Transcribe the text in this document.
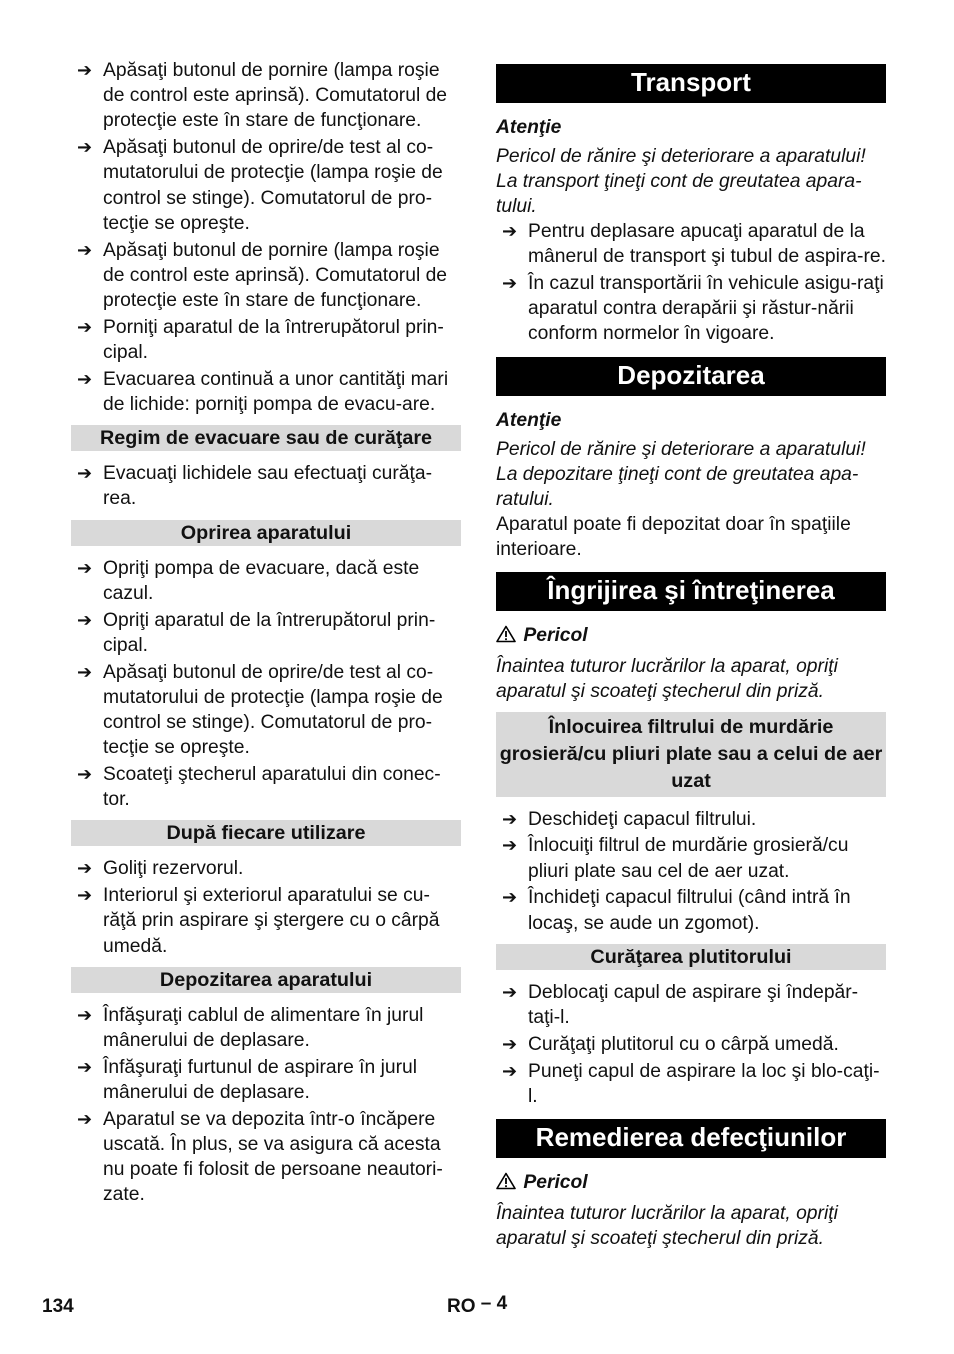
➔ Apăsaţi butonul de pornire (lampa roşie de control este aprinsă). Comutatorul de protecţie este în stare de funcţionare.
➔ Apăsaţi butonul de oprire/de test al co-mutatorului de protecţie (lampa roşie de control se stinge). Comutatorul de pro-tecţie se opreşte.
➔ Apăsaţi butonul de pornire (lampa roşie de control este aprinsă). Comutatorul de protecţie este în stare de funcţionare.
➔ Porniţi aparatul de la întrerupătorul prin-cipal.
➔ Evacuarea continuă a unor cantităţi mari de lichide: porniţi pompa de evacu-are.
Regim de evacuare sau de curăţare
➔ Evacuaţi lichidele sau efectuaţi curăţa-rea.
Oprirea aparatului
➔ Opriţi pompa de evacuare, dacă este cazul.
➔ Opriţi aparatul de la întrerupătorul prin-cipal.
➔ Apăsaţi butonul de oprire/de test al co-mutatorului de protecţie (lampa roşie de control se stinge). Comutatorul de pro-tecţie se opreşte.
➔ Scoateţi ştecherul aparatului din conec-tor.
După fiecare utilizare
➔ Goliţi rezervorul.
➔ Interiorul şi exteriorul aparatului se cu-răţă prin aspirare şi ştergere cu o cârpă umedă.
Depozitarea aparatului
➔ Înfăşuraţi cablul de alimentare în jurul mânerului de deplasare.
➔ Înfăşuraţi furtunul de aspirare în jurul mânerului de deplasare.
➔ Aparatul se va depozita într-o încăpere uscată. În plus, se va asigura că acesta nu poate fi folosit de persoane neautori-zate.
Transport
Atenţie
Pericol de rănire şi deteriorare a aparatului! La transport ţineţi cont de greutatea apara-tului.
➔ Pentru deplasare apucaţi aparatul de la mânerul de transport şi tubul de aspira-re.
➔ În cazul transportării în vehicule asigu-raţi aparatul contra derapării şi răstur-nării conform normelor în vigoare.
Depozitarea
Atenţie
Pericol de rănire şi deteriorare a aparatului! La depozitare ţineţi cont de greutatea apa-ratului.
Aparatul poate fi depozitat doar în spaţiile interioare.
Îngrijirea şi întreţinerea
Pericol
Înaintea tuturor lucrărilor la aparat, opriţi aparatul şi scoateţi ştecherul din priză.
Înlocuirea filtrului de murdărie grosieră/cu pliuri plate sau a celui de aer uzat
➔ Deschideţi capacul filtrului.
➔ Înlocuiţi filtrul de murdărie grosieră/cu pliuri plate sau cel de aer uzat.
➔ Închideţi capacul filtrului (când intră în locaş, se aude un zgomot).
Curăţarea plutitorului
➔ Deblocaţi capul de aspirare şi îndepăr-taţi-l.
➔ Curăţaţi plutitorul cu o cârpă umedă.
➔ Puneţi capul de aspirare la loc şi blo-caţi-l.
Remedierea defecţiunilor
Pericol
Înaintea tuturor lucrărilor la aparat, opriţi aparatul şi scoateţi ştecherul din priză.
134	RO – 4
